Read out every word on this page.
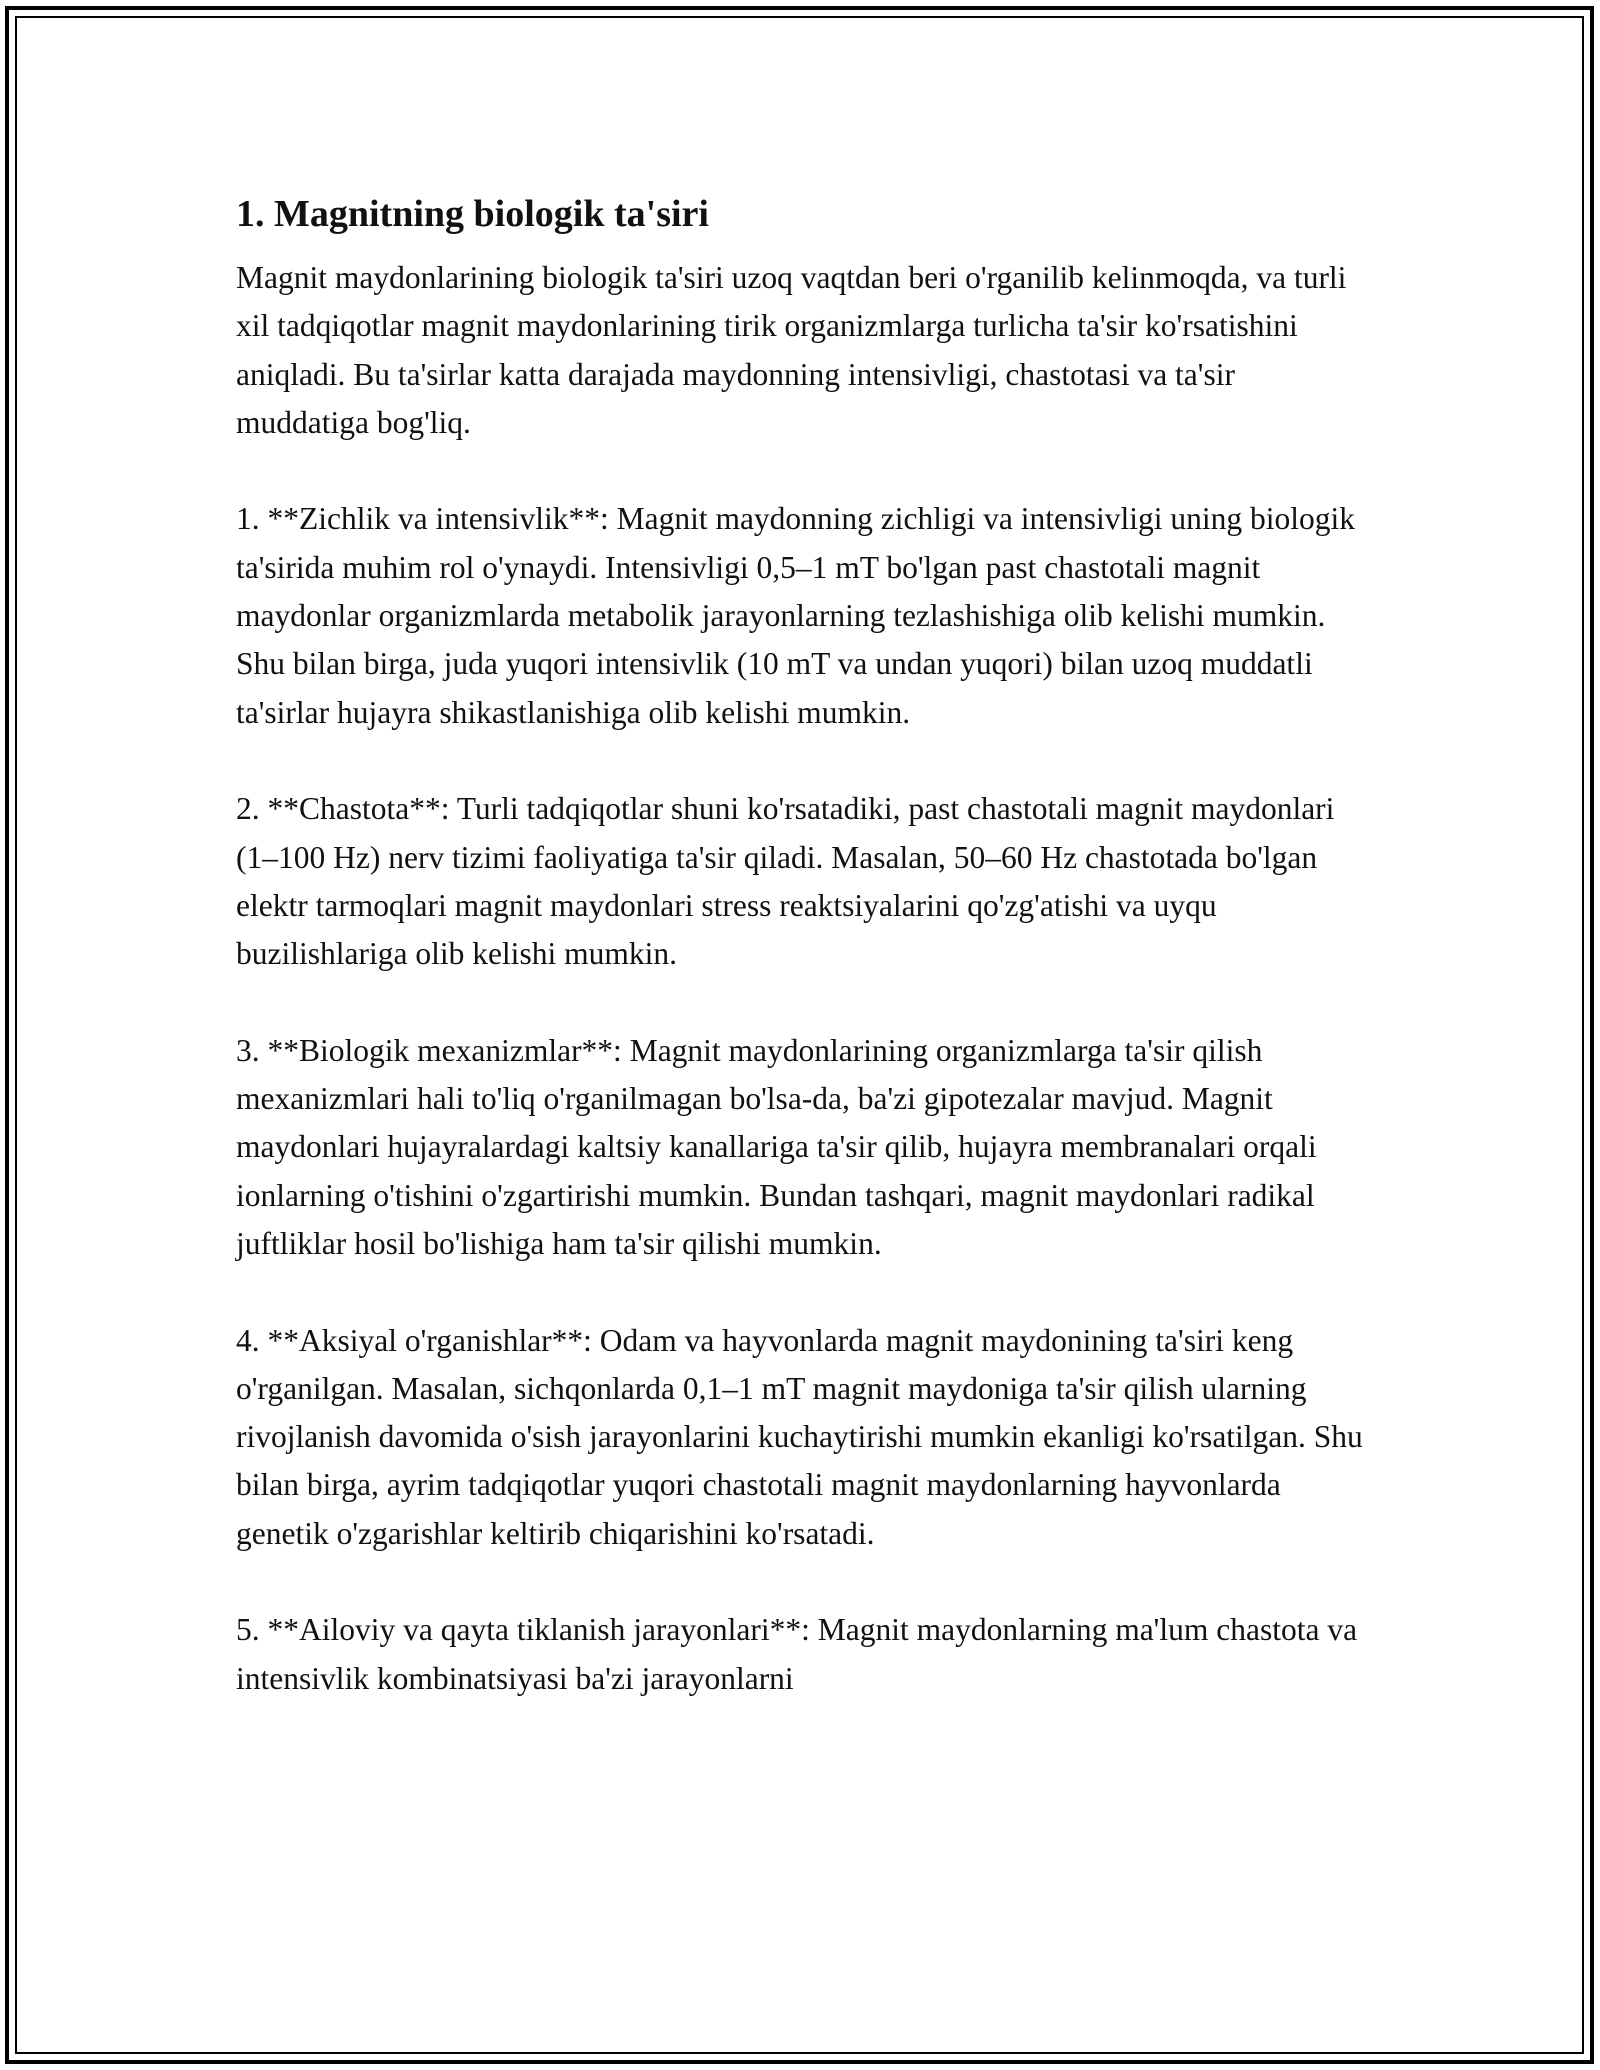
1. Magnitning biologik ta'siri

Magnit maydonlarining biologik ta'siri uzoq vaqtdan beri o'rganilib kelinmoqda, va turli xil tadqiqotlar magnit maydonlarining tirik organizmlarga turlicha ta'sir ko'rsatishini aniqladi. Bu ta'sirlar katta darajada maydonning intensivligi, chastotasi va ta'sir muddatiga bog'liq.

1. **Zichlik va intensivlik**: Magnit maydonning zichligi va intensivligi uning biologik ta'sirida muhim rol o'ynaydi. Intensivligi 0,5–1 mT bo'lgan past chastotali magnit maydonlar organizmlarda metabolik jarayonlarning tezlashishiga olib kelishi mumkin. Shu bilan birga, juda yuqori intensivlik (10 mT va undan yuqori) bilan uzoq muddatli ta'sirlar hujayra shikastlanishiga olib kelishi mumkin.

2. **Chastota**: Turli tadqiqotlar shuni ko'rsatadiki, past chastotali magnit maydonlari (1–100 Hz) nerv tizimi faoliyatiga ta'sir qiladi. Masalan, 50–60 Hz chastotada bo'lgan elektr tarmoqlari magnit maydonlari stress reaktsiyalarini qo'zg'atishi va uyqu buzilishlariga olib kelishi mumkin.

3. **Biologik mexanizmlar**: Magnit maydonlarining organizmlarga ta'sir qilish mexanizmlari hali to'liq o'rganilmagan bo'lsa-da, ba'zi gipotezalar mavjud. Magnit maydonlari hujayralardagi kaltsiy kanallariga ta'sir qilib, hujayra membranalari orqali ionlarning o'tishini o'zgartirishi mumkin. Bundan tashqari, magnit maydonlari radikal juftliklar hosil bo'lishiga ham ta'sir qilishi mumkin.

4. **Aksiyal o'rganishlar**: Odam va hayvonlarda magnit maydonining ta'siri keng o'rganilgan. Masalan, sichqonlarda 0,1–1 mT magnit maydoniga ta'sir qilish ularning rivojlanish davomida o'sish jarayonlarini kuchaytirishi mumkin ekanligi ko'rsatilgan. Shu bilan birga, ayrim tadqiqotlar yuqori chastotali magnit maydonlarning hayvonlarda genetik o'zgarishlar keltirib chiqarishini ko'rsatadi.

5. **Ailoviy va qayta tiklanish jarayonlari**: Magnit maydonlarning ma'lum chastota va intensivlik kombinatsiyasi ba'zi jarayonlarni
